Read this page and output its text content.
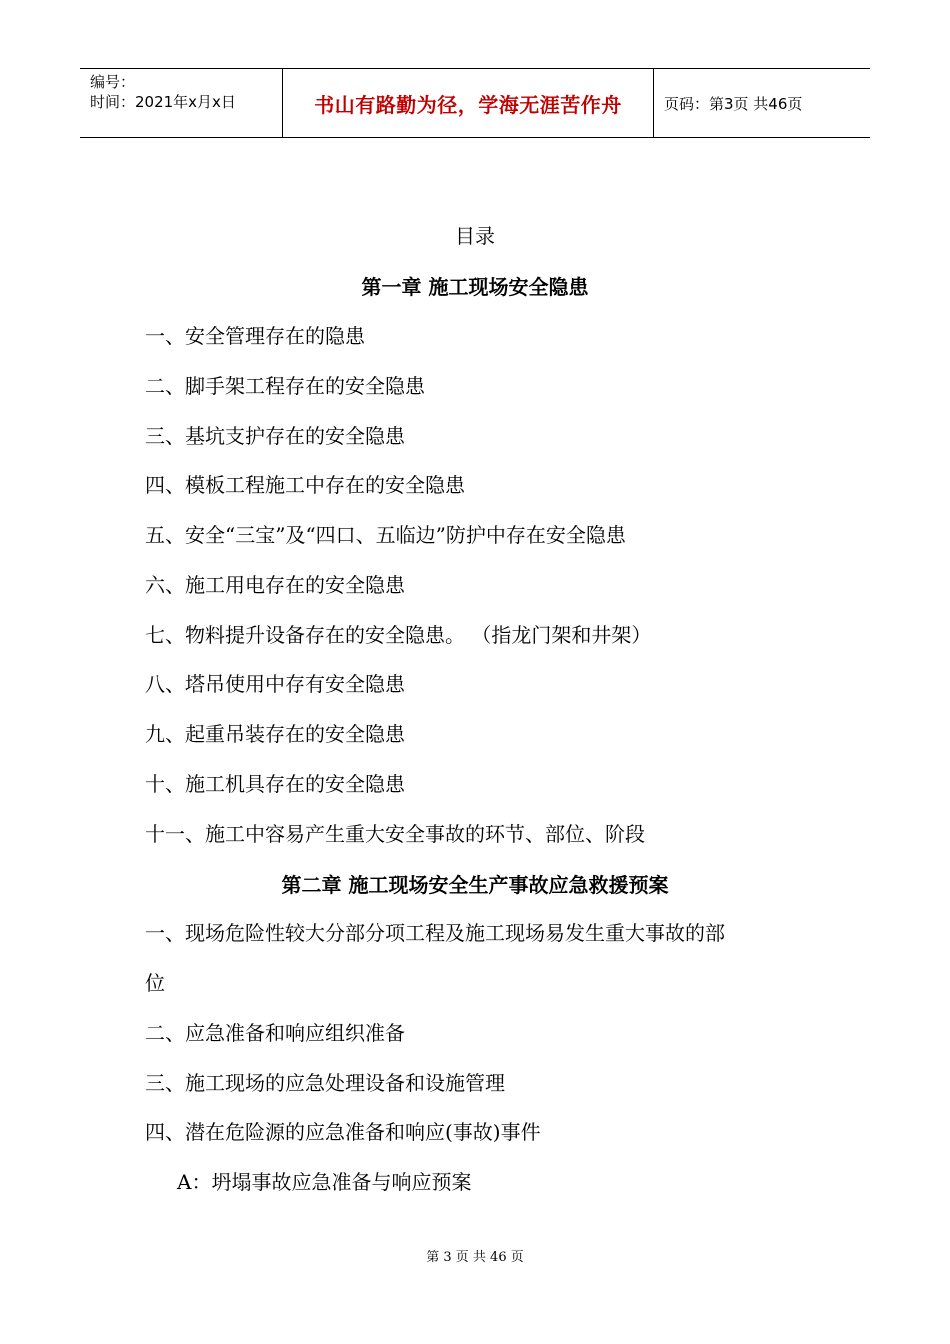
编号：
时间：2021年x月x日	书山有路勤为径，学海无涯苦作舟	页码：第3页 共46页
目录
第一章 施工现场安全隐患
一、安全管理存在的隐患
二、脚手架工程存在的安全隐患
三、基坑支护存在的安全隐患
四、模板工程施工中存在的安全隐患
五、安全“三宝”及“四口、五临边”防护中存在安全隐患
六、施工用电存在的安全隐患
七、物料提升设备存在的安全隐患。 （指龙门架和井架）
八、塔吊使用中存有安全隐患
九、起重吊装存在的安全隐患
十、施工机具存在的安全隐患
十一、施工中容易产生重大安全事故的环节、部位、阶段
第二章 施工现场安全生产事故应急救援预案
一、现场危险性较大分部分项工程及施工现场易发生重大事故的部
位
二、应急准备和响应组织准备
三、施工现场的应急处理设备和设施管理
四、潜在危险源的应急准备和响应(事故)事件
A：坍塌事故应急准备与响应预案
第 3 页 共 46 页
